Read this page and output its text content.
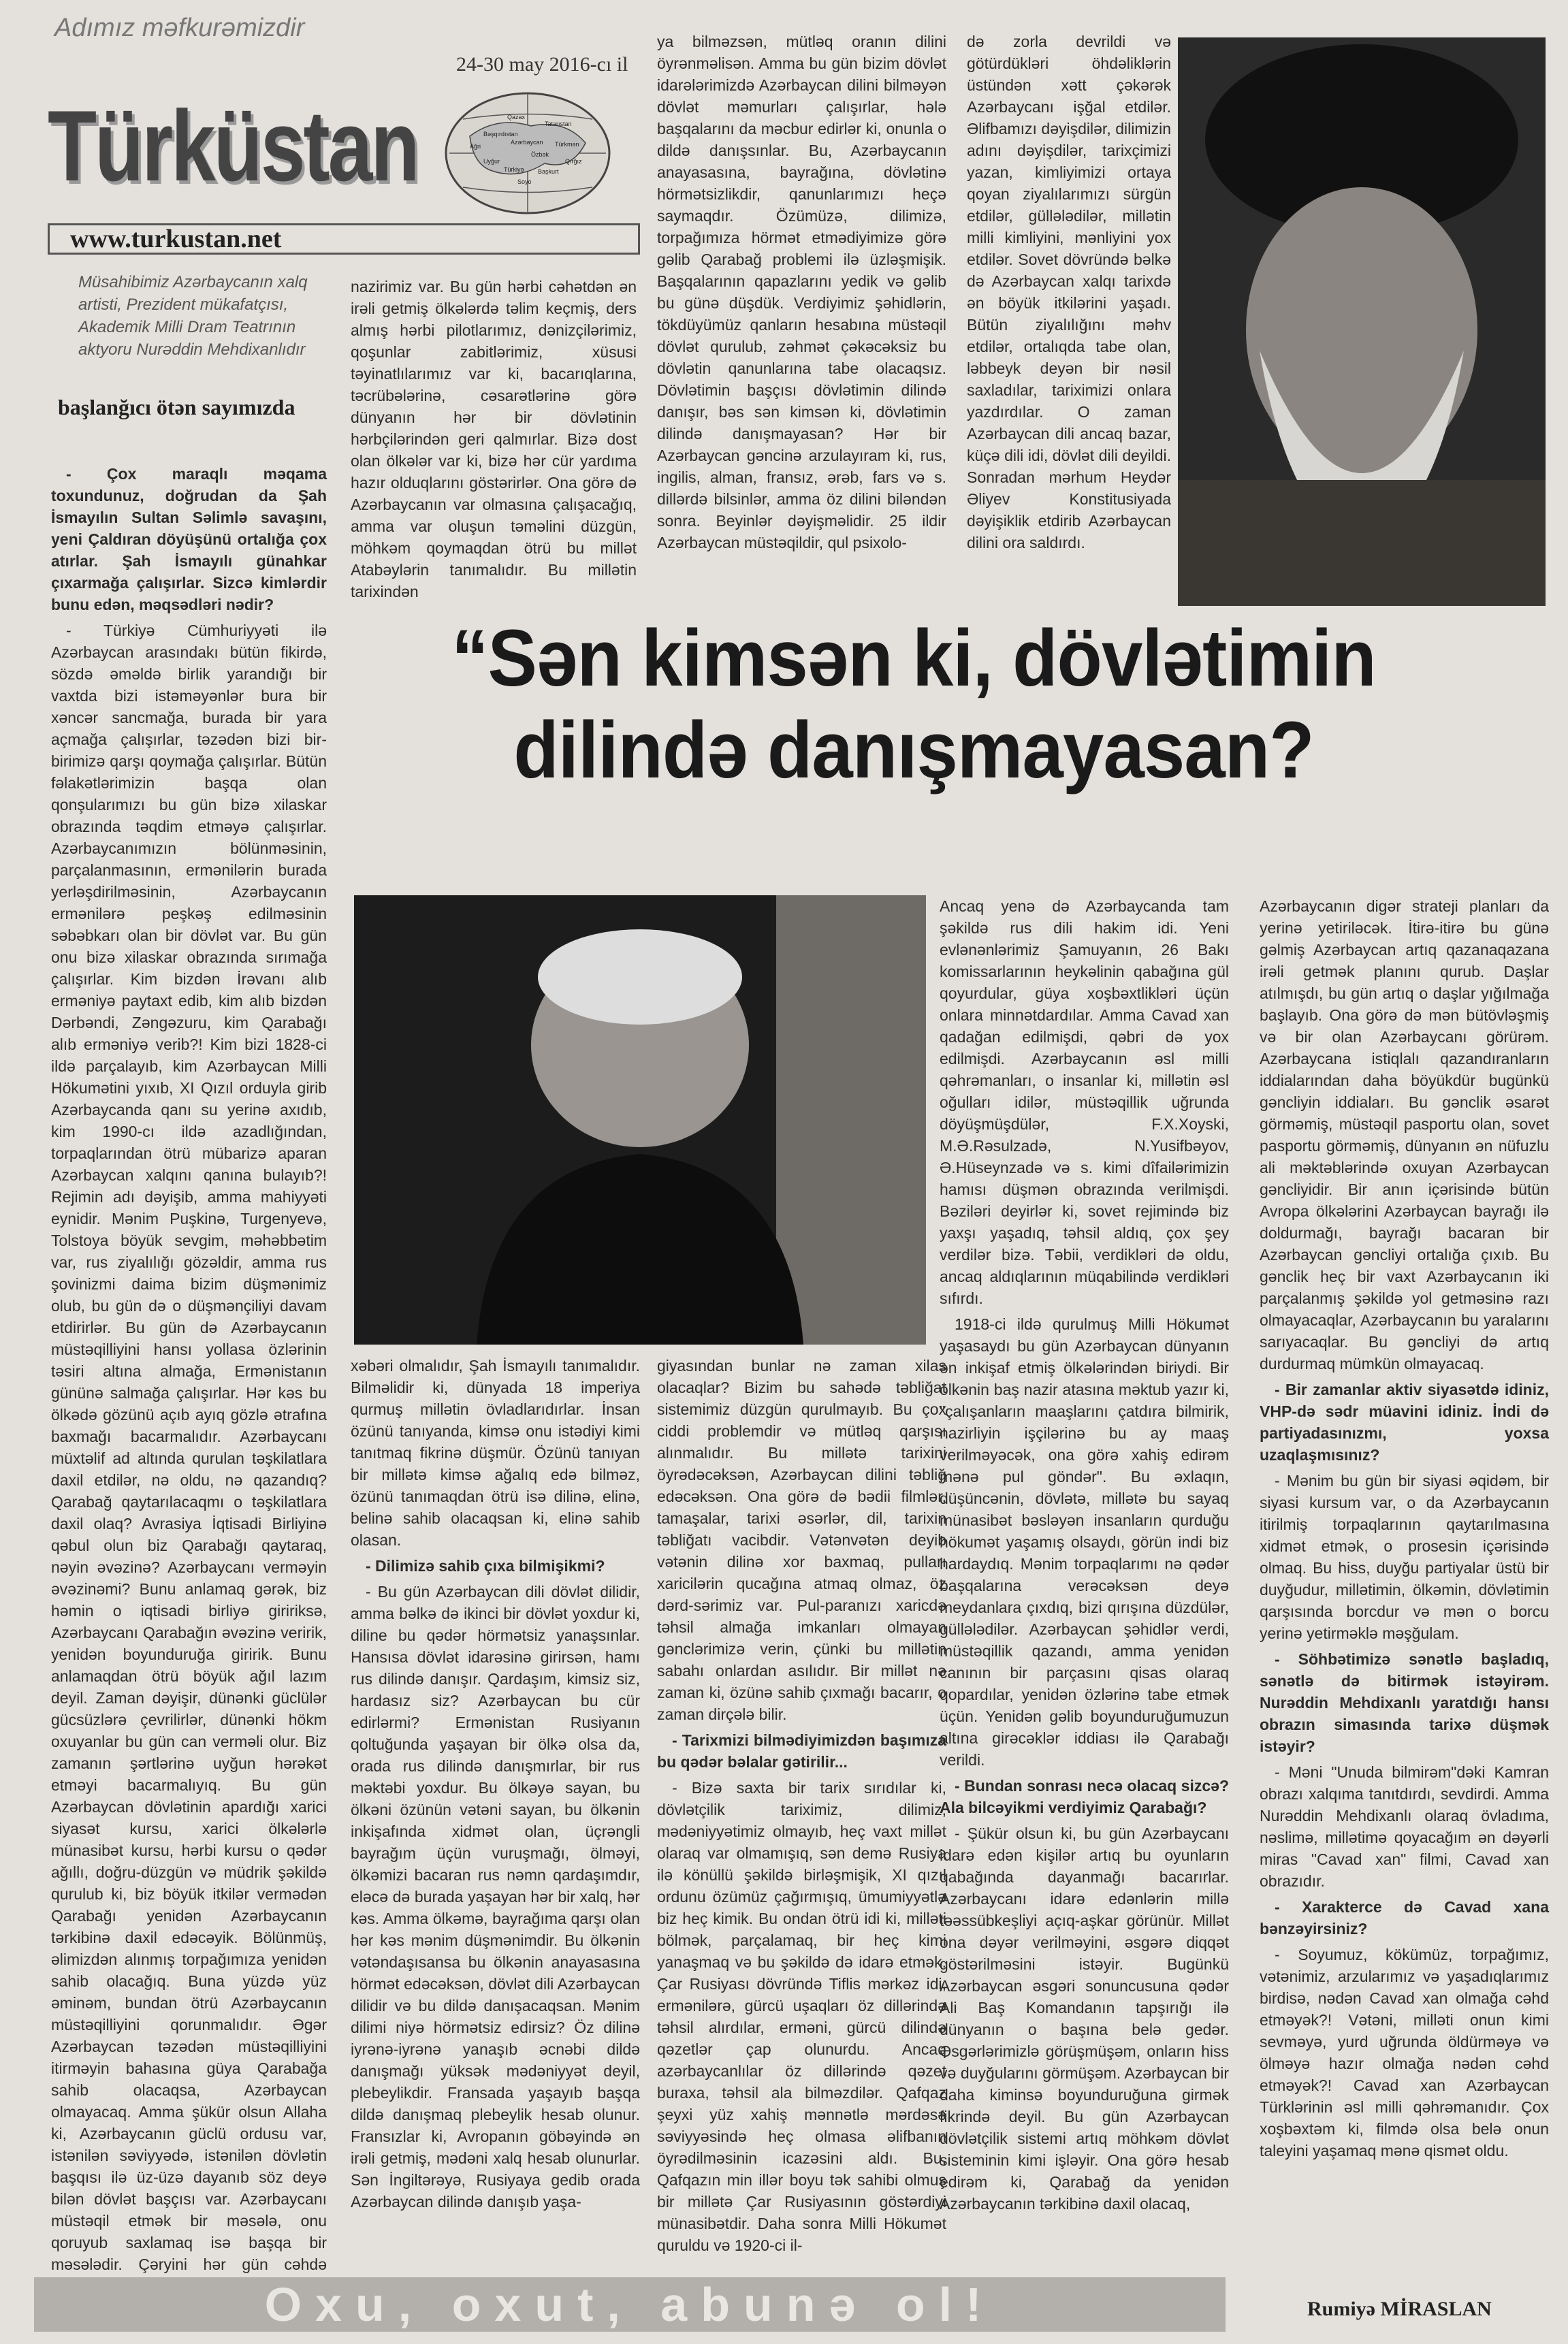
Adımız məfkurəmizdir
24-30 may 2016-cı il
Türküstan	Qazax
Tatarıstan
Bəşqırdıstan
Ağri
Azərbaycan Türkmən
Özbək
Qırğız
Uyğur
Türkiyə Başkurt
Soyo
www.turkustan.net
Müsahibimiz Azərbaycanın xalq artisti, Prezident mükafatçısı, Akademik Milli Dram Teatrının aktyoru Nurəddin Mehdixanlıdır
başlanğıcı ötən sayımızda

- Çox maraqlı məqama toxundunuz, doğrudan da Şah İsmayılın Sultan Səlimlə savaşını, yeni Çaldıran döyüşünü ortalığa çox atırlar. Şah İsmayılı günahkar çıxarmağa çalışırlar. Sizcə kimlərdir bunu edən, məqsədləri nədir?

- Türkiyə Cümhuriyyəti ilə Azərbaycan arasındakı bütün fikirdə, sözdə əməldə birlik yarandığı bir vaxtda bizi istəməyənlər bura bir xəncər sancmağa, burada bir yara açmağa çalışırlar, təzədən bizi bir-birimizə qarşı qoymağa çalışırlar. Bütün fəlakətlərimizin başqa olan qonşularımızı bu gün bizə xilaskar obrazında təqdim etməyə çalışırlar. Azərbaycanımızın bölünməsinin, parçalanmasının, ermənilərin burada yerləşdirilməsinin, Azərbaycanın ermənilərə peşkəş edilməsinin səbəbkarı olan bir dövlət var. Bu gün onu bizə xilaskar obrazında sırımağa çalışırlar. Kim bizdən İrəvanı alıb erməniyə paytaxt edib, kim alıb bizdən Dərbəndi, Zəngəzuru, kim Qarabağı alıb erməniyə verib?! Kim bizi 1828-ci ildə parçalayıb, kim Azərbaycan Milli Hökumətini yıxıb, XI Qızıl orduyla girib Azərbaycanda qanı su yerinə axıdıb, kim 1990-cı ildə azadlığından, torpaqlarından ötrü mübarizə aparan Azərbaycan xalqını qanına bulayıb?! Rejimin adı dəyişib, amma mahiyyəti eynidir. Mənim Puşkinə, Turgenyevə, Tolstoya böyük sevgim, məhəbbətim var, rus ziyalılığı gözəldir, amma rus şovinizmi daima bizim düşmənimiz olub, bu gün də o düşmənçiliyi davam etdirirlər. Bu gün də Azərbaycanın müstəqilliyini hansı yollasa özlərinin təsiri altına almağa, Ermənistanın gününə salmağa çalışırlar. Hər kəs bu ölkədə gözünü açıb ayıq gözlə ətrafına baxmağı bacarmalıdır. Azərbaycanı müxtəlif ad altında qurulan təşkilatlara daxil etdilər, nə oldu, nə qazandıq? Qarabağ qaytarılacaqmı o təşkilatlara daxil olaq? Avrasiya İqtisadi Birliyinə qəbul olun biz Qarabağı qaytaraq, nəyin əvəzinə? Azərbaycanı verməyin əvəzinəmi? Bunu anlamaq gərək, biz həmin o iqtisadi birliyə giririksə, Azərbaycanı Qarabağın əvəzinə veririk, yenidən boyunduruğa giririk. Bunu anlamaqdan ötrü böyük ağıl lazım deyil. Zaman dəyişir, dünənki güclülər gücsüzlərə çevrilirlər, dünənki hökm oxuyanlar bu gün can verməli olur. Biz zamanın şərtlərinə uyğun hərəkət etməyi bacarmalıyıq. Bu gün Azərbaycan dövlətinin apardığı xarici siyasət kursu, xarici ölkələrlə münasibət kursu, hərbi kursu o qədər ağıllı, doğru-düzgün və müdrik şəkildə qurulub ki, biz böyük itkilər vermədən Qarabağı yenidən Azərbaycanın tərkibinə daxil edəcəyik. Bölünmüş, əlimizdən alınmış torpağımıza yenidən sahib olacağıq. Buna yüzdə yüz əminəm, bundan ötrü Azərbaycanın müstəqilliyini qorunmalıdır. Əgər Azərbaycan təzədən müstəqilliyini itirməyin bahasına güya Qarabağa sahib olacaqsa, Azərbaycan olmayacaq. Amma şükür olsun Allaha ki, Azərbaycanın güclü ordusu var, istənilən səviyyədə, istənilən dövlətin başqısı ilə üz-üzə dayanıb söz deyə bilən dövlət başçısı var. Azərbaycanı müstəqil etmək bir məsələ, onu qoruyub saxlamaq isə başqa bir məsələdir. Çəryini hər gün cəhdə

nazirimiz var. Bu gün hərbi cəhətdən ən irəli getmiş ölkələrdə təlim keçmiş, ders almış hərbi pilotlarımız, dənizçilərimiz, qoşunlar zabitlərimiz, xüsusi təyinatlılarımız var ki, bacarıqlarına, təcrübələrinə, cəsarətlərinə görə dünyanın hər bir dövlətinin hərbçilərindən geri qalmırlar. Bizə dost olan ölkələr var ki, bizə hər cür yardıma hazır olduqlarını göstərirlər. Ona görə də Azərbaycanın var olmasına çalışacağıq, amma var oluşun təməlini düzgün, möhkəm qoymaqdan ötrü bu millət Atabəylərin tanımalıdır. Bu millətin tarixindən

ya bilməzsən, mütləq oranın dilini öyrənməlisən. Amma bu gün bizim dövlət idarələrimizdə Azərbaycan dilini bilməyən dövlət məmurları çalışırlar, hələ başqalarını da məcbur edirlər ki, onunla o dildə danışsınlar. Bu, Azərbaycanın anayasasına, bayrağına, dövlətinə hörmətsizlikdir, qanunlarımızı heçə saymaqdır. Özümüzə, dilimizə, torpağımıza hörmət etmədiyimizə görə gəlib Qarabağ problemi ilə üzləşmişik. Başqalarının qapazlarını yedik və gəlib bu günə düşdük. Verdiyimiz şəhidlərin, tökdüyümüz qanların hesabına müstəqil dövlət qurulub, zəhmət çəkəcəksiz bu dövlətin qanunlarına tabe olacaqsız. Dövlətimin başçısı dövlətimin dilində danışır, bəs sən kimsən ki, dövlətimin dilində danışmayasan? Hər bir Azərbaycan gəncinə arzulayıram ki, rus, ingilis, alman, fransız, ərəb, fars və s. dillərdə bilsinlər, amma öz dilini biləndən sonra. Beyinlər dəyişməlidir. 25 ildir Azərbaycan müstəqildir, qul psixolo-

də zorla devrildi və götürdükləri öhdəliklərin üstündən xətt çəkərək Azərbaycanı işğal etdilər. Əlifbamızı dəyişdilər, dilimizin adını dəyişdilər, tarixçimizi yazan, kimliyimizi ortaya qoyan ziyalılarımızı sürgün etdilər, güllələdilər, millətin milli kimliyini, mənliyini yox etdilər. Sovet dövründə bəlkə də Azərbaycan xalqı tarixdə ən böyük itkilərini yaşadı. Bütün ziyalılığını məhv etdilər, ortalıqda tabe olan, ləbbeyk deyən bir nəsil saxladılar, tariximizi onlara yazdırdılar. O zaman Azərbaycan dili ancaq bazar, küçə dili idi, dövlət dili deyildi. Sonradan mərhum Heydər Əliyev Konstitusiyada dəyişiklik etdirib Azərbaycan dilini ora saldırdı.

“Sən kimsən ki, dövlətimin dilində danışmayasan?

xəbəri olmalıdır, Şah İsmayılı tanımalıdır. Bilməlidir ki, dünyada 18 imperiya qurmuş millətin övladlarıdırlar. İnsan özünü tanıyanda, kimsə onu istədiyi kimi tanıtmaq fikrinə düşmür. Özünü tanıyan bir millətə kimsə ağalıq edə bilməz, özünü tanımaqdan ötrü isə dilinə, elinə, belinə sahib olacaqsan ki, elinə sahib olasan.

- Dilimizə sahib çıxa bilmişikmi?

- Bu gün Azərbaycan dili dövlət dilidir, amma bəlkə də ikinci bir dövlət yoxdur ki, diline bu qədər hörmətsiz yanaşsınlar. Hansısa dövlət idarəsinə girirsən, hamı rus dilində danışır. Qardaşım, kimsiz siz, hardasız siz? Azərbaycan bu cür edirlərmi? Ermənistan Rusiyanın qoltuğunda yaşayan bir ölkə olsa da, orada rus dilində danışmırlar, bir rus məktəbi yoxdur. Bu ölkəyə sayan, bu ölkəni özünün vətəni sayan, bu ölkənin inkişafında xidmət olan, üçrəngli bayrağım üçün vuruşmağı, ölməyi, ölkəmizi bacaran rus nəmn qardaşımdır, eləcə də burada yaşayan hər bir xalq, hər kəs. Amma ölkəmə, bayrağıma qarşı olan hər kəs mənim düşmənimdir. Bu ölkənin vətəndaşısansa bu ölkənin anayasasına hörmət edəcəksən, dövlət dili Azərbaycan dilidir və bu dildə danışacaqsan. Mənim dilimi niyə hörmətsiz edirsiz? Öz dilinə iyrənə-iyrənə yanaşıb əcnəbi dildə danışmağı yüksək mədəniyyət deyil, plebeylikdir. Fransada yaşayıb başqa dildə danışmaq plebeylik hesab olunur. Fransızlar ki, Avropanın göbəyində ən irəli getmiş, mədəni xalq hesab olunurlar. Sən İngiltərəyə, Rusiyaya gedib orada Azərbaycan dilində danışıb yaşa-

giyasından bunlar nə zaman xilas olacaqlar? Bizim bu sahədə təbliğat sistemimiz düzgün qurulmayıb. Bu çox ciddi problemdir və mütləq qarşısı alınmalıdır. Bu millətə tarixini öyrədəcəksən, Azərbaycan dilini təbliğ edəcəksən. Ona görə də bədii filmlər, tamaşalar, tarixi əsərlər, dil, tarixin təbliğatı vacibdir. Vətənvətən deyib vətənin dilinə xor baxmaq, pulları xaricilərin qucağına atmaq olmaz, öz dərd-sərimiz var. Pul-paranızı xaricdə təhsil almağa imkanları olmayan gənclərimizə verin, çünki bu millətin sabahı onlardan asılıdır. Bir millət nə zaman ki, özünə sahib çıxmağı bacarır, o zaman dirçələ bilir.

- Tarixmizi bilmədiyimizdən başımıza bu qədər bəlalar gətirilir...

- Bizə saxta bir tarix sırıdılar ki, dövlətçilik tariximiz, dilimiz, mədəniyyətimiz olmayıb, heç vaxt millət olaraq var olmamışıq, sən demə Rusiya ilə könüllü şəkildə birləşmişik, XI qızıl ordunu özümüz çağırmışıq, ümumiyyətlə biz heç kimik. Bu ondan ötrü idi ki, milləti bölmək, parçalamaq, bir heç kimi yanaşmaq və bu şəkildə də idarə etmək. Çar Rusiyası dövründə Tiflis mərkəz idi, ermənilərə, gürcü uşaqları öz dillərində təhsil alırdılar, erməni, gürcü dilində qəzetlər çap olunurdu. Ancaq azərbaycanlılar öz dillərində qəzet buraxa, təhsil ala bilməzdilər. Qafqaz şeyxi yüz xahiş mənnətlə mərdəsə səviyyəsində heç olmasa əlifbanın öyrədilməsinin icazəsini aldı. Bu, Qafqazın min illər boyu tək sahibi olmuş bir millətə Çar Rusiyasının göstərdiyi münasibətdir. Daha sonra Milli Hökumət quruldu və 1920-ci il-

Ancaq yenə də Azərbaycanda tam şəkildə rus dili hakim idi. Yeni evlənənlərimiz Şamuyanın, 26 Bakı komissarlarının heykəlinin qabağına gül qoyurdular, güya xoşbəxtlikləri üçün onlara minnətdardılar. Amma Cavad xan qadağan edilmişdi, qəbri də yox edilmişdi. Azərbaycanın əsl milli qəhrəmanları, o insanlar ki, millətin əsl oğulları idilər, müstəqillik uğrunda döyüşmüşdülər, F.X.Xoyski, M.Ə.Rəsulzadə, N.Yusifbəyov, Ə.Hüseynzadə və s. kimi dîfailərimizin hamısı düşmən obrazında verilmişdi. Bəziləri deyirlər ki, sovet rejimində biz yaxşı yaşadıq, təhsil aldıq, çox şey verdilər bizə. Təbii, verdikləri də oldu, ancaq aldıqlarının müqabilində verdikləri sıfırdı.

1918-ci ildə qurulmuş Milli Hökumət yaşasaydı bu gün Azərbaycan dünyanın ən inkişaf etmiş ölkələrindən biriydi. Bir ölkənin baş nazir atasına məktub yazır ki, "çalışanların maaşlarını çatdıra bilmirik, nazirliyin işçilərinə bu ay maaş verilməyəcək, ona görə xahiş edirəm mənə pul göndər". Bu əxlaqın, düşüncənin, dövlətə, millətə bu sayaq münasibət bəsləyən insanların qurduğu hökumət yaşamış olsaydı, görün indi biz hardaydıq. Mənim torpaqlarımı nə qədər başqalarına verəcəksən deyə meydanlara çıxdıq, bizi qırışına düzdülər, güllələdilər. Azərbaycan şəhidlər verdi, müstəqillik qazandı, amma yenidən canının bir parçasını qisas olaraq qopardılar, yenidən özlərinə tabe etmək üçün. Yenidən gəlib boyunduruğumuzun altına girəcəklər iddiası ilə Qarabağı verildi.

- Bundan sonrası necə olacaq sizcə? Ala bilcəyikmi verdiyimiz Qarabağı?

- Şükür olsun ki, bu gün Azərbaycanı idarə edən kişilər artıq bu oyunların qabağında dayanmağı bacarırlar. Azərbaycanı idarə edənlərin millə təəssübkeşliyi açıq-aşkar görünür. Millət ona dəyər verilməyini, əsgərə diqqət göstərilməsini istəyir. Bugünkü Azərbaycan əsgəri sonuncusuna qədər Ali Baş Komandanın tapşırığı ilə dünyanın o başına belə gedər. Əsgərlərimizlə görüşmüşəm, onların hiss və duyğularını görmüşəm. Azərbaycan bir daha kiminsə boyunduruğuna girmək fikrində deyil. Bu gün Azərbaycan dövlətçilik sistemi artıq möhkəm dövlət sisteminin kimi işləyir. Ona görə hesab edirəm ki, Qarabağ da yenidən Azərbaycanın tərkibinə daxil olacaq,

Azərbaycanın digər strateji planları da yerinə yetiriləcək. İtirə-itirə bu günə gəlmiş Azərbaycan artıq qazanaqazana irəli getmək planını qurub. Daşlar atılmışdı, bu gün artıq o daşlar yığılmağa başlayıb. Ona görə də mən bütövləşmiş və bir olan Azərbaycanı görürəm. Azərbaycana istiqlalı qazandıranların iddialarından daha böyükdür bugünkü gəncliyin iddiaları. Bu gənclik əsarət görməmiş, müstəqil pasportu olan, sovet pasportu görməmiş, dünyanın ən nüfuzlu ali məktəblərində oxuyan Azərbaycan gəncliyidir. Bir anın içərisində bütün Avropa ölkələrini Azərbaycan bayrağı ilə doldurmağı, bayrağı bacaran bir Azərbaycan gəncliyi ortalığa çıxıb. Bu gənclik heç bir vaxt Azərbaycanın iki parçalanmış şəkildə yol getməsinə razı olmayacaqlar, Azərbaycanın bu yaralarını sarıyacaqlar. Bu gəncliyi də artıq durdurmaq mümkün olmayacaq.

- Bir zamanlar aktiv siyasətdə idiniz, VHP-də sədr müavini idiniz. İndi də partiyadasınızmı, yoxsa uzaqlaşmısınız?

- Mənim bu gün bir siyasi əqidəm, bir siyasi kursum var, o da Azərbaycanın itirilmiş torpaqlarının qaytarılmasına xidmət etmək, o prosesin içərisində olmaq. Bu hiss, duyğu partiyalar üstü bir duyğudur, millətimin, ölkəmin, dövlətimin qarşısında borcdur və mən o borcu yerinə yetirməklə məşğulam.

- Söhbətimizə sənətlə başladıq, sənətlə də bitirmək istəyirəm. Nurəddin Mehdixanlı yaratdığı hansı obrazın simasında tarixə düşmək istəyir?

- Məni "Unuda bilmirəm"dəki Kamran obrazı xalqıma tanıtdırdı, sevdirdi. Amma Nurəddin Mehdixanlı olaraq övladıma, nəslimə, millətimə qoyacağım ən dəyərli miras "Cavad xan" filmi, Cavad xan obrazıdır.

- Xarakterce də Cavad xana bənzəyirsiniz?

- Soyumuz, kökümüz, torpağımız, vətənimiz, arzularımız və yaşadıqlarımız birdisə, nədən Cavad xan olmağa cəhd etməyək?! Vətəni, milləti onun kimi sevməyə, yurd uğrunda öldürməyə və ölməyə hazır olmağa nədən cəhd etməyək?! Cavad xan Azərbaycan Türklərinin əsl milli qəhrəmanıdır. Çox xoşbəxtəm ki, filmdə olsa belə onun taleyini yaşamaq mənə qismət oldu.

Oxu, oxut, abunə ol!	Rumiyə MİRASLAN
